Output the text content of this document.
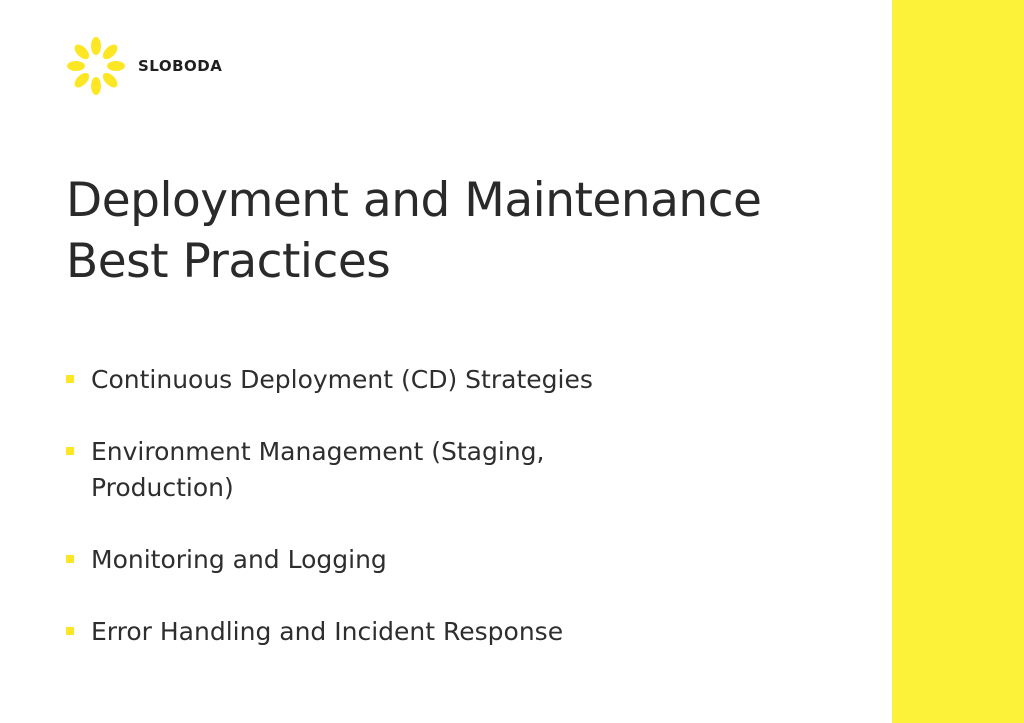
SLOBODA
Deployment and Maintenance Best Practices
Continuous Deployment (CD) Strategies
Environment Management (Staging, Production)
Monitoring and Logging
Error Handling and Incident Response
